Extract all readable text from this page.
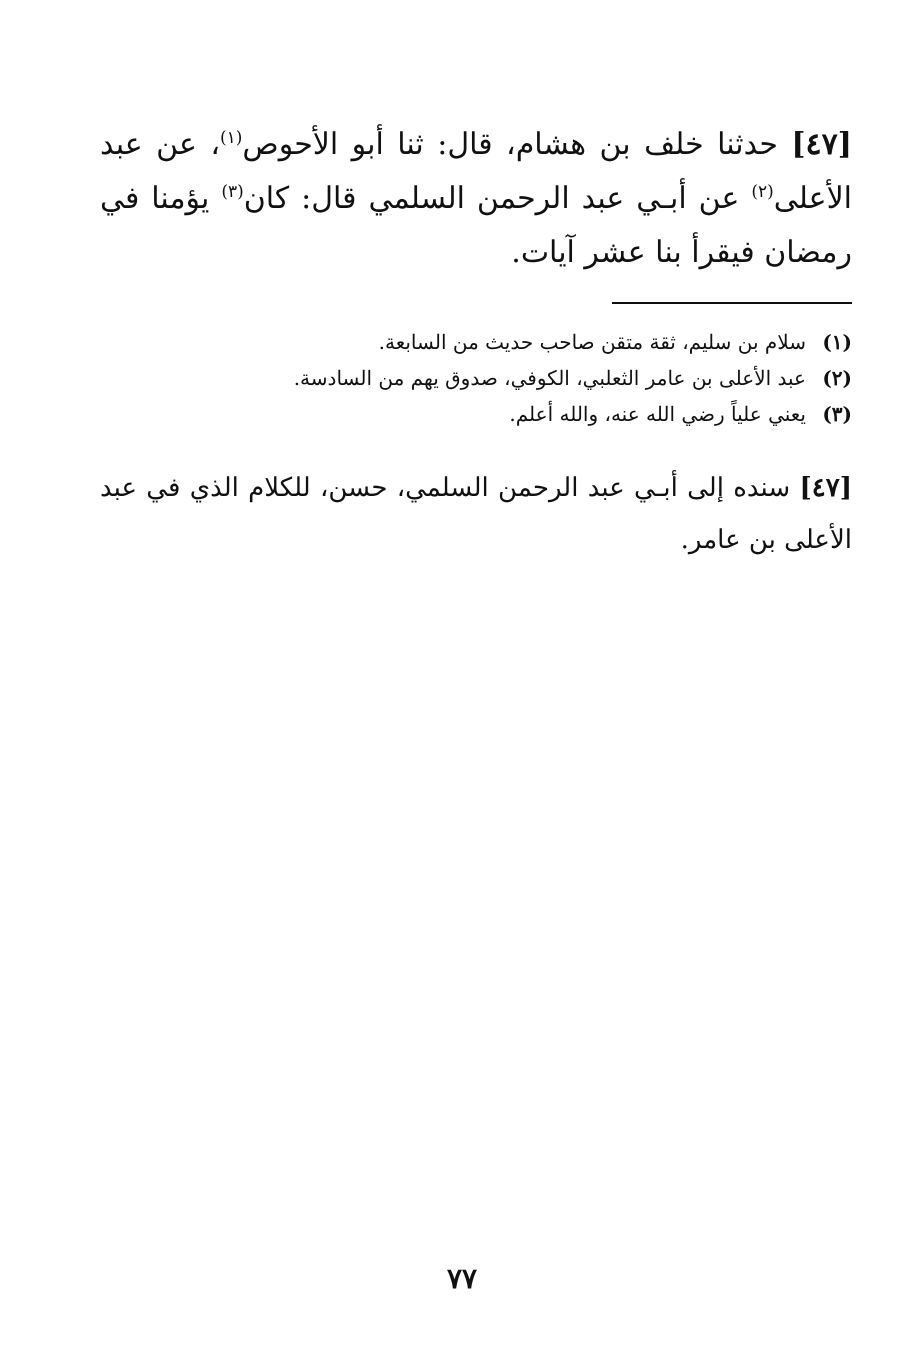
[٤٧] حدثنا خلف بن هشام، قال: ثنا أبو الأحوص$^{(١)}$، عن عبد الأعلى$^{(٢)}$ عن أبـي عبد الرحمن السلمي قال: كان$^{(٣)}$ يؤمنا في رمضان فيقرأ بنا عشر آيات.

(١)
سلام بن سليم، ثقة متقن صاحب حديث من السابعة.
(٢)
عبد الأعلى بن عامر الثعلبي، الكوفي، صدوق يهم من السادسة.
(٣)
يعني علياً رضي الله عنه، والله أعلم.

[٤٧] سنده إلى أبـي عبد الرحمن السلمي، حسن، للكلام الذي في عبد الأعلى بن عامر.

٧٧
